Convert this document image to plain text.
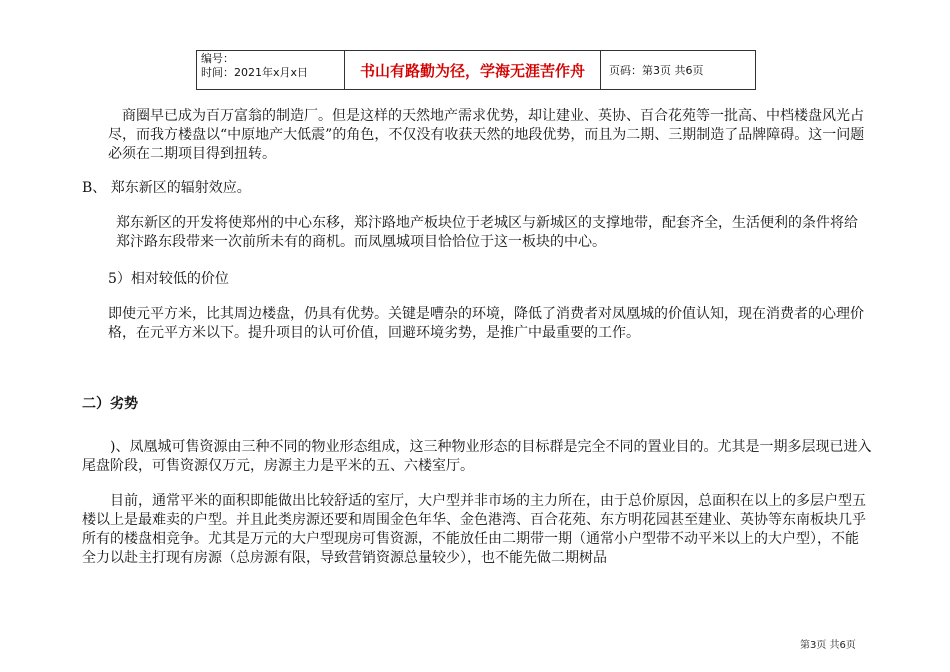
编号：
时间：2021年x月x日	书山有路勤为径，学海无涯苦作舟	页码：第3页 共6页

商圈早已成为百万富翁的制造厂。但是这样的天然地产需求优势，却让建业、英协、百合花苑等一批高、中档楼盘风光占尽，而我方楼盘以“中原地产大低震”的角色，不仅没有收获天然的地段优势，而且为二期、三期制造了品牌障碍。这一问题必须在二期项目得到扭转。

B、 郑东新区的辐射效应。

郑东新区的开发将使郑州的中心东移，郑汴路地产板块位于老城区与新城区的支撑地带，配套齐全，生活便利的条件将给郑汴路东段带来一次前所未有的商机。而凤凰城项目恰恰位于这一板块的中心。

5）相对较低的价位

即使元平方米，比其周边楼盘，仍具有优势。关键是嘈杂的环境，降低了消费者对凤凰城的价值认知，现在消费者的心理价格，在元平方米以下。提升项目的认可价值，回避环境劣势，是推广中最重要的工作。

二）劣势

)、凤凰城可售资源由三种不同的物业形态组成，这三种物业形态的目标群是完全不同的置业目的。尤其是一期多层现已进入尾盘阶段，可售资源仅万元，房源主力是平米的五、六楼室厅。

目前，通常平米的面积即能做出比较舒适的室厅，大户型并非市场的主力所在，由于总价原因，总面积在以上的多层户型五楼以上是最难卖的户型。并且此类房源还要和周围金色年华、金色港湾、百合花苑、东方明花园甚至建业、英协等东南板块几乎所有的楼盘相竞争。尤其是万元的大户型现房可售资源，不能放任由二期带一期（通常小户型带不动平米以上的大户型），不能全力以赴主打现有房源（总房源有限，导致营销资源总量较少），也不能先做二期树品

第3页 共6页
